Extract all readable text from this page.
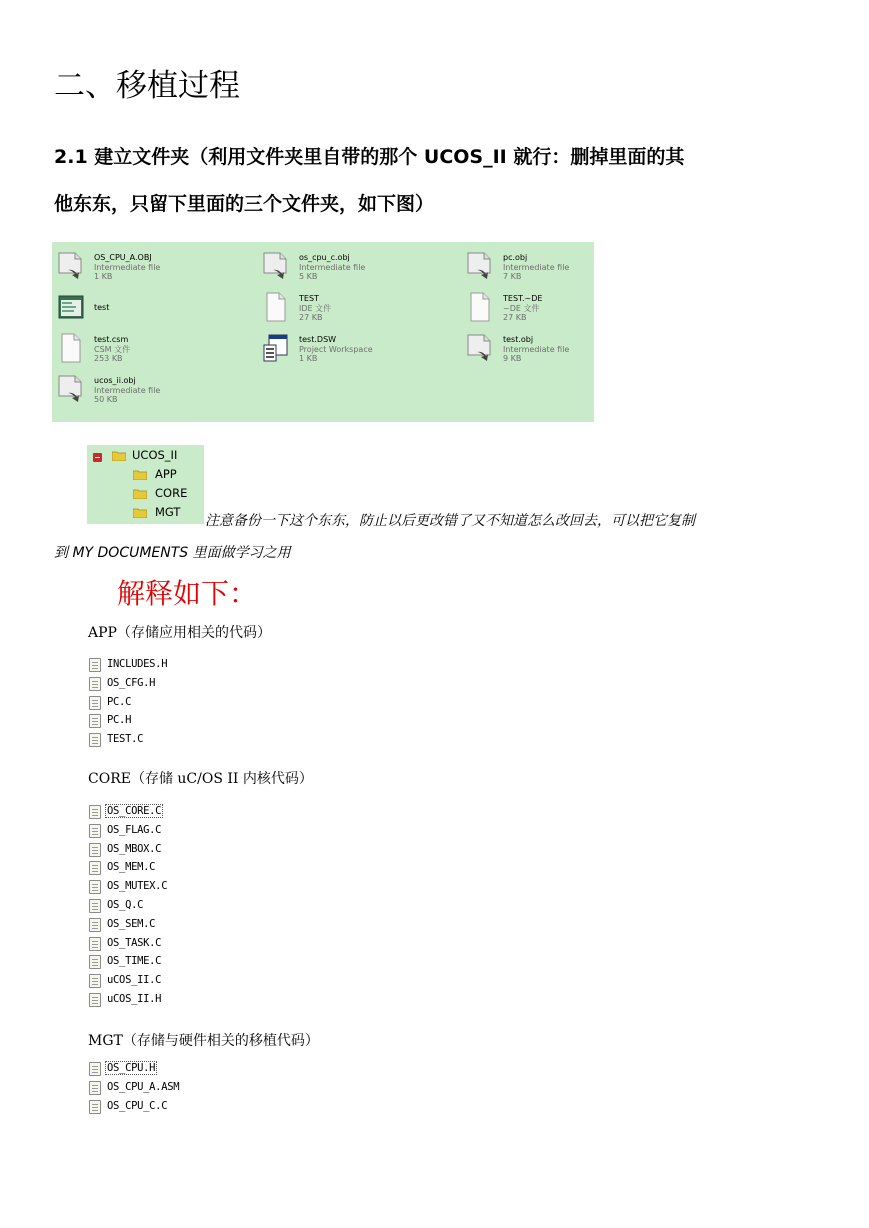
二、移植过程
2.1 建立文件夹（利用文件夹里自带的那个 UCOS_II 就行：删掉里面的其
他东东，只留下里面的三个文件夹，如下图）
OS_CPU_A.OBJ
Intermediate file
1 KB
os_cpu_c.obj
Intermediate file
5 KB
pc.obj
Intermediate file
7 KB
test
TEST
IDE 文件
27 KB
TEST.~DE
~DE 文件
27 KB
test.csm
CSM 文件
253 KB
test.DSW
Project Workspace
1 KB
test.obj
Intermediate file
9 KB
ucos_ii.obj
Intermediate file
50 KB
UCOS_II
APP
CORE
MGT
注意备份一下这个东东，防止以后更改错了又不知道怎么改回去，可以把它复制
到 MY DOCUMENTS 里面做学习之用
解释如下：
APP（存储应用相关的代码）
INCLUDES.H
OS_CFG.H
PC.C
PC.H
TEST.C
CORE（存储 uC/OS II 内核代码）
OS_CORE.C
OS_FLAG.C
OS_MBOX.C
OS_MEM.C
OS_MUTEX.C
OS_Q.C
OS_SEM.C
OS_TASK.C
OS_TIME.C
uCOS_II.C
uCOS_II.H
MGT（存储与硬件相关的移植代码）
OS_CPU.H
OS_CPU_A.ASM
OS_CPU_C.C
